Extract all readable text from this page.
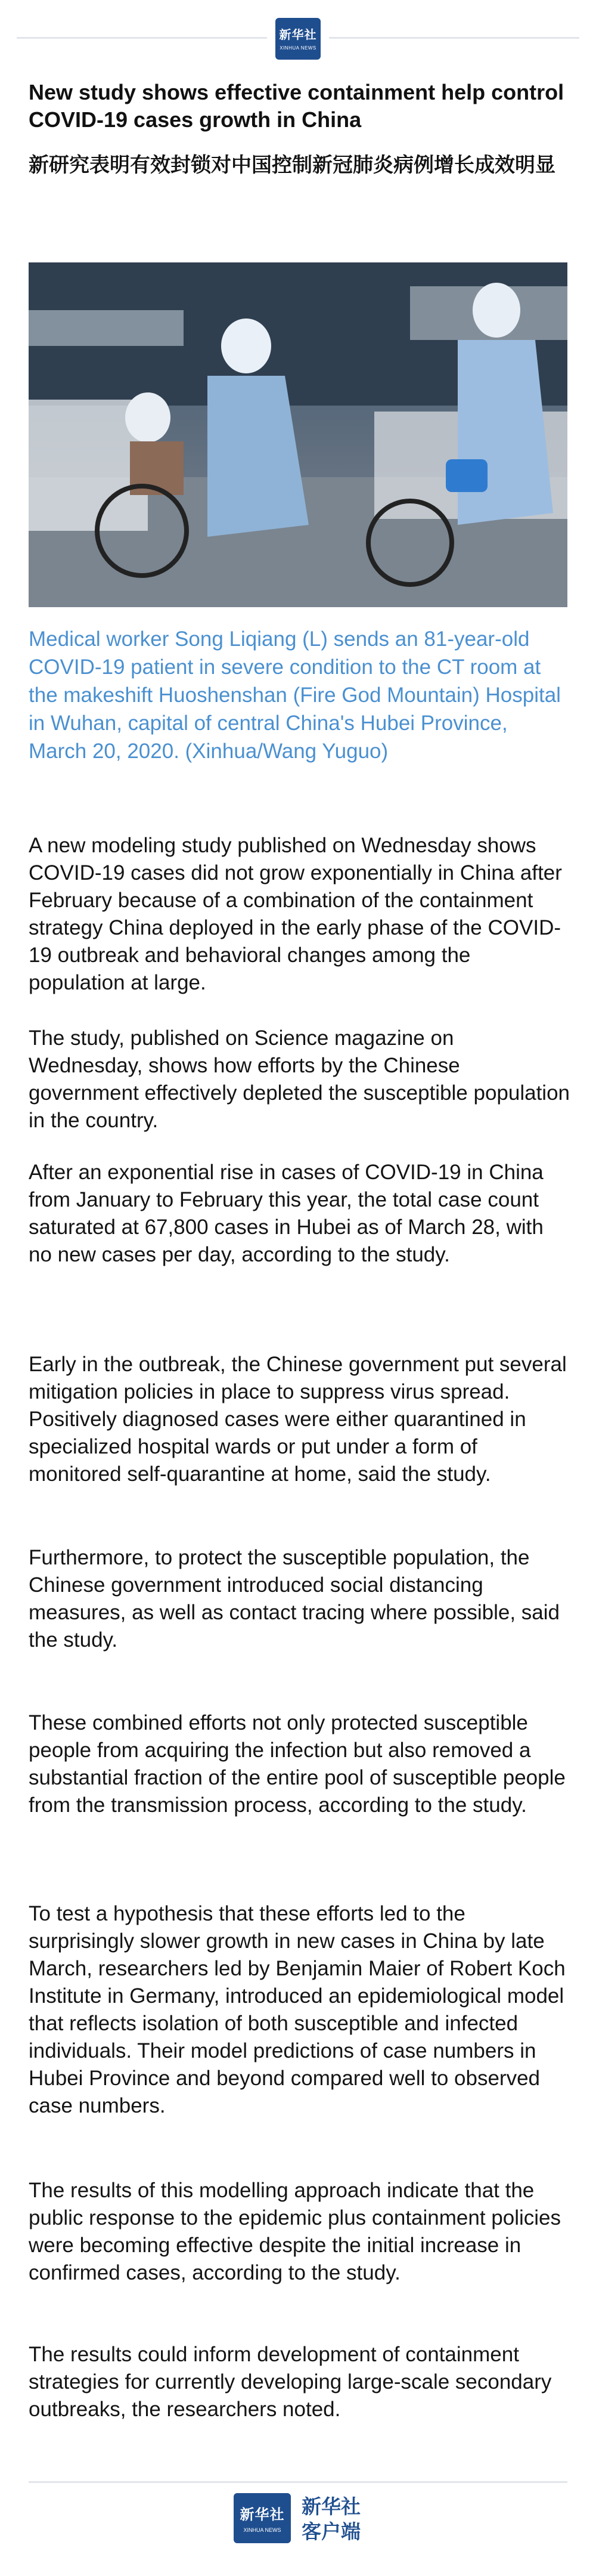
新华社
XINHUA NEWS
New study shows effective containment help control COVID-19 cases growth in China
新研究表明有效封锁对中国控制新冠肺炎病例增长成效明显

Medical worker Song Liqiang (L) sends an 81-year-old COVID-19 patient in severe condition to the CT room at the makeshift Huoshenshan (Fire God Mountain) Hospital in Wuhan, capital of central China's Hubei Province, March 20, 2020. (Xinhua/Wang Yuguo)

A new modeling study published on Wednesday shows COVID-19 cases did not grow exponentially in China after February because of a combination of the containment strategy China deployed in the early phase of the COVID-19 outbreak and behavioral changes among the population at large.

The study, published on Science magazine on Wednesday, shows how efforts by the Chinese government effectively depleted the susceptible population in the country.

After an exponential rise in cases of COVID-19 in China from January to February this year, the total case count saturated at 67,800 cases in Hubei as of March 28, with no new cases per day, according to the study.

Early in the outbreak, the Chinese government put several mitigation policies in place to suppress virus spread. Positively diagnosed cases were either quarantined in specialized hospital wards or put under a form of monitored self-quarantine at home, said the study.

Furthermore, to protect the susceptible population, the Chinese government introduced social distancing measures, as well as contact tracing where possible, said the study.

These combined efforts not only protected susceptible people from acquiring the infection but also removed a substantial fraction of the entire pool of susceptible people from the transmission process, according to the study.

To test a hypothesis that these efforts led to the surprisingly slower growth in new cases in China by late March, researchers led by Benjamin Maier of Robert Koch Institute in Germany, introduced an epidemiological model that reflects isolation of both susceptible and infected individuals. Their model predictions of case numbers in Hubei Province and beyond compared well to observed case numbers.

The results of this modelling approach indicate that the public response to the epidemic plus containment policies were becoming effective despite the initial increase in confirmed cases, according to the study.

The results could inform development of containment strategies for currently developing large-scale secondary outbreaks, the researchers noted.

新华社
XINHUA NEWS
新华社
客户端
